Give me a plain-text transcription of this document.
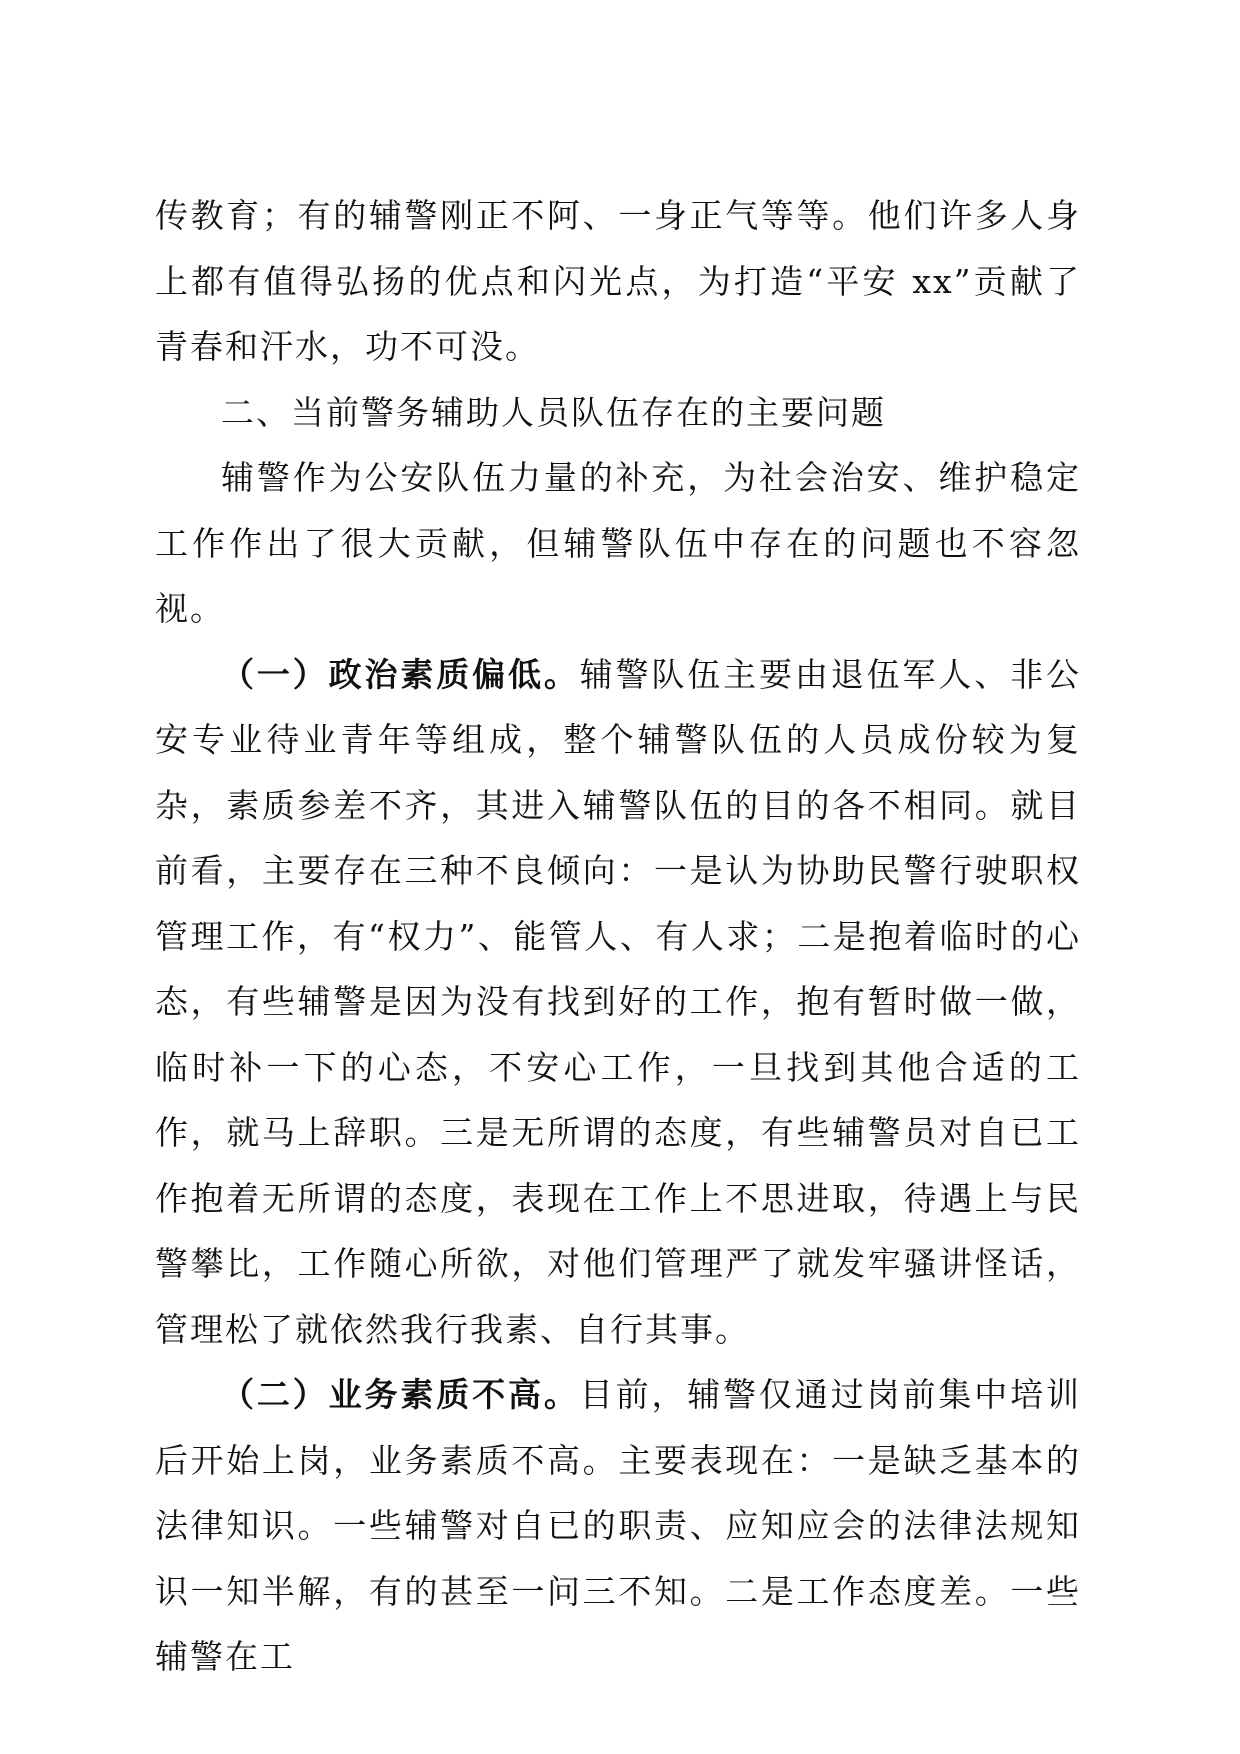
传教育；有的辅警刚正不阿、一身正气等等。他们许多人身上都有值得弘扬的优点和闪光点，为打造“平安 xx”贡献了青春和汗水，功不可没。

二、当前警务辅助人员队伍存在的主要问题

辅警作为公安队伍力量的补充，为社会治安、维护稳定工作作出了很大贡献，但辅警队伍中存在的问题也不容忽视。

（一）政治素质偏低。辅警队伍主要由退伍军人、非公安专业待业青年等组成，整个辅警队伍的人员成份较为复杂，素质参差不齐，其进入辅警队伍的目的各不相同。就目前看，主要存在三种不良倾向：一是认为协助民警行驶职权管理工作，有“权力”、能管人、有人求；二是抱着临时的心态，有些辅警是因为没有找到好的工作，抱有暂时做一做，临时补一下的心态，不安心工作，一旦找到其他合适的工作，就马上辞职。三是无所谓的态度，有些辅警员对自已工作抱着无所谓的态度，表现在工作上不思进取，待遇上与民警攀比，工作随心所欲，对他们管理严了就发牢骚讲怪话，管理松了就依然我行我素、自行其事。

（二）业务素质不高。目前，辅警仅通过岗前集中培训后开始上岗，业务素质不高。主要表现在：一是缺乏基本的法律知识。一些辅警对自已的职责、应知应会的法律法规知识一知半解，有的甚至一问三不知。二是工作态度差。一些辅警在工
